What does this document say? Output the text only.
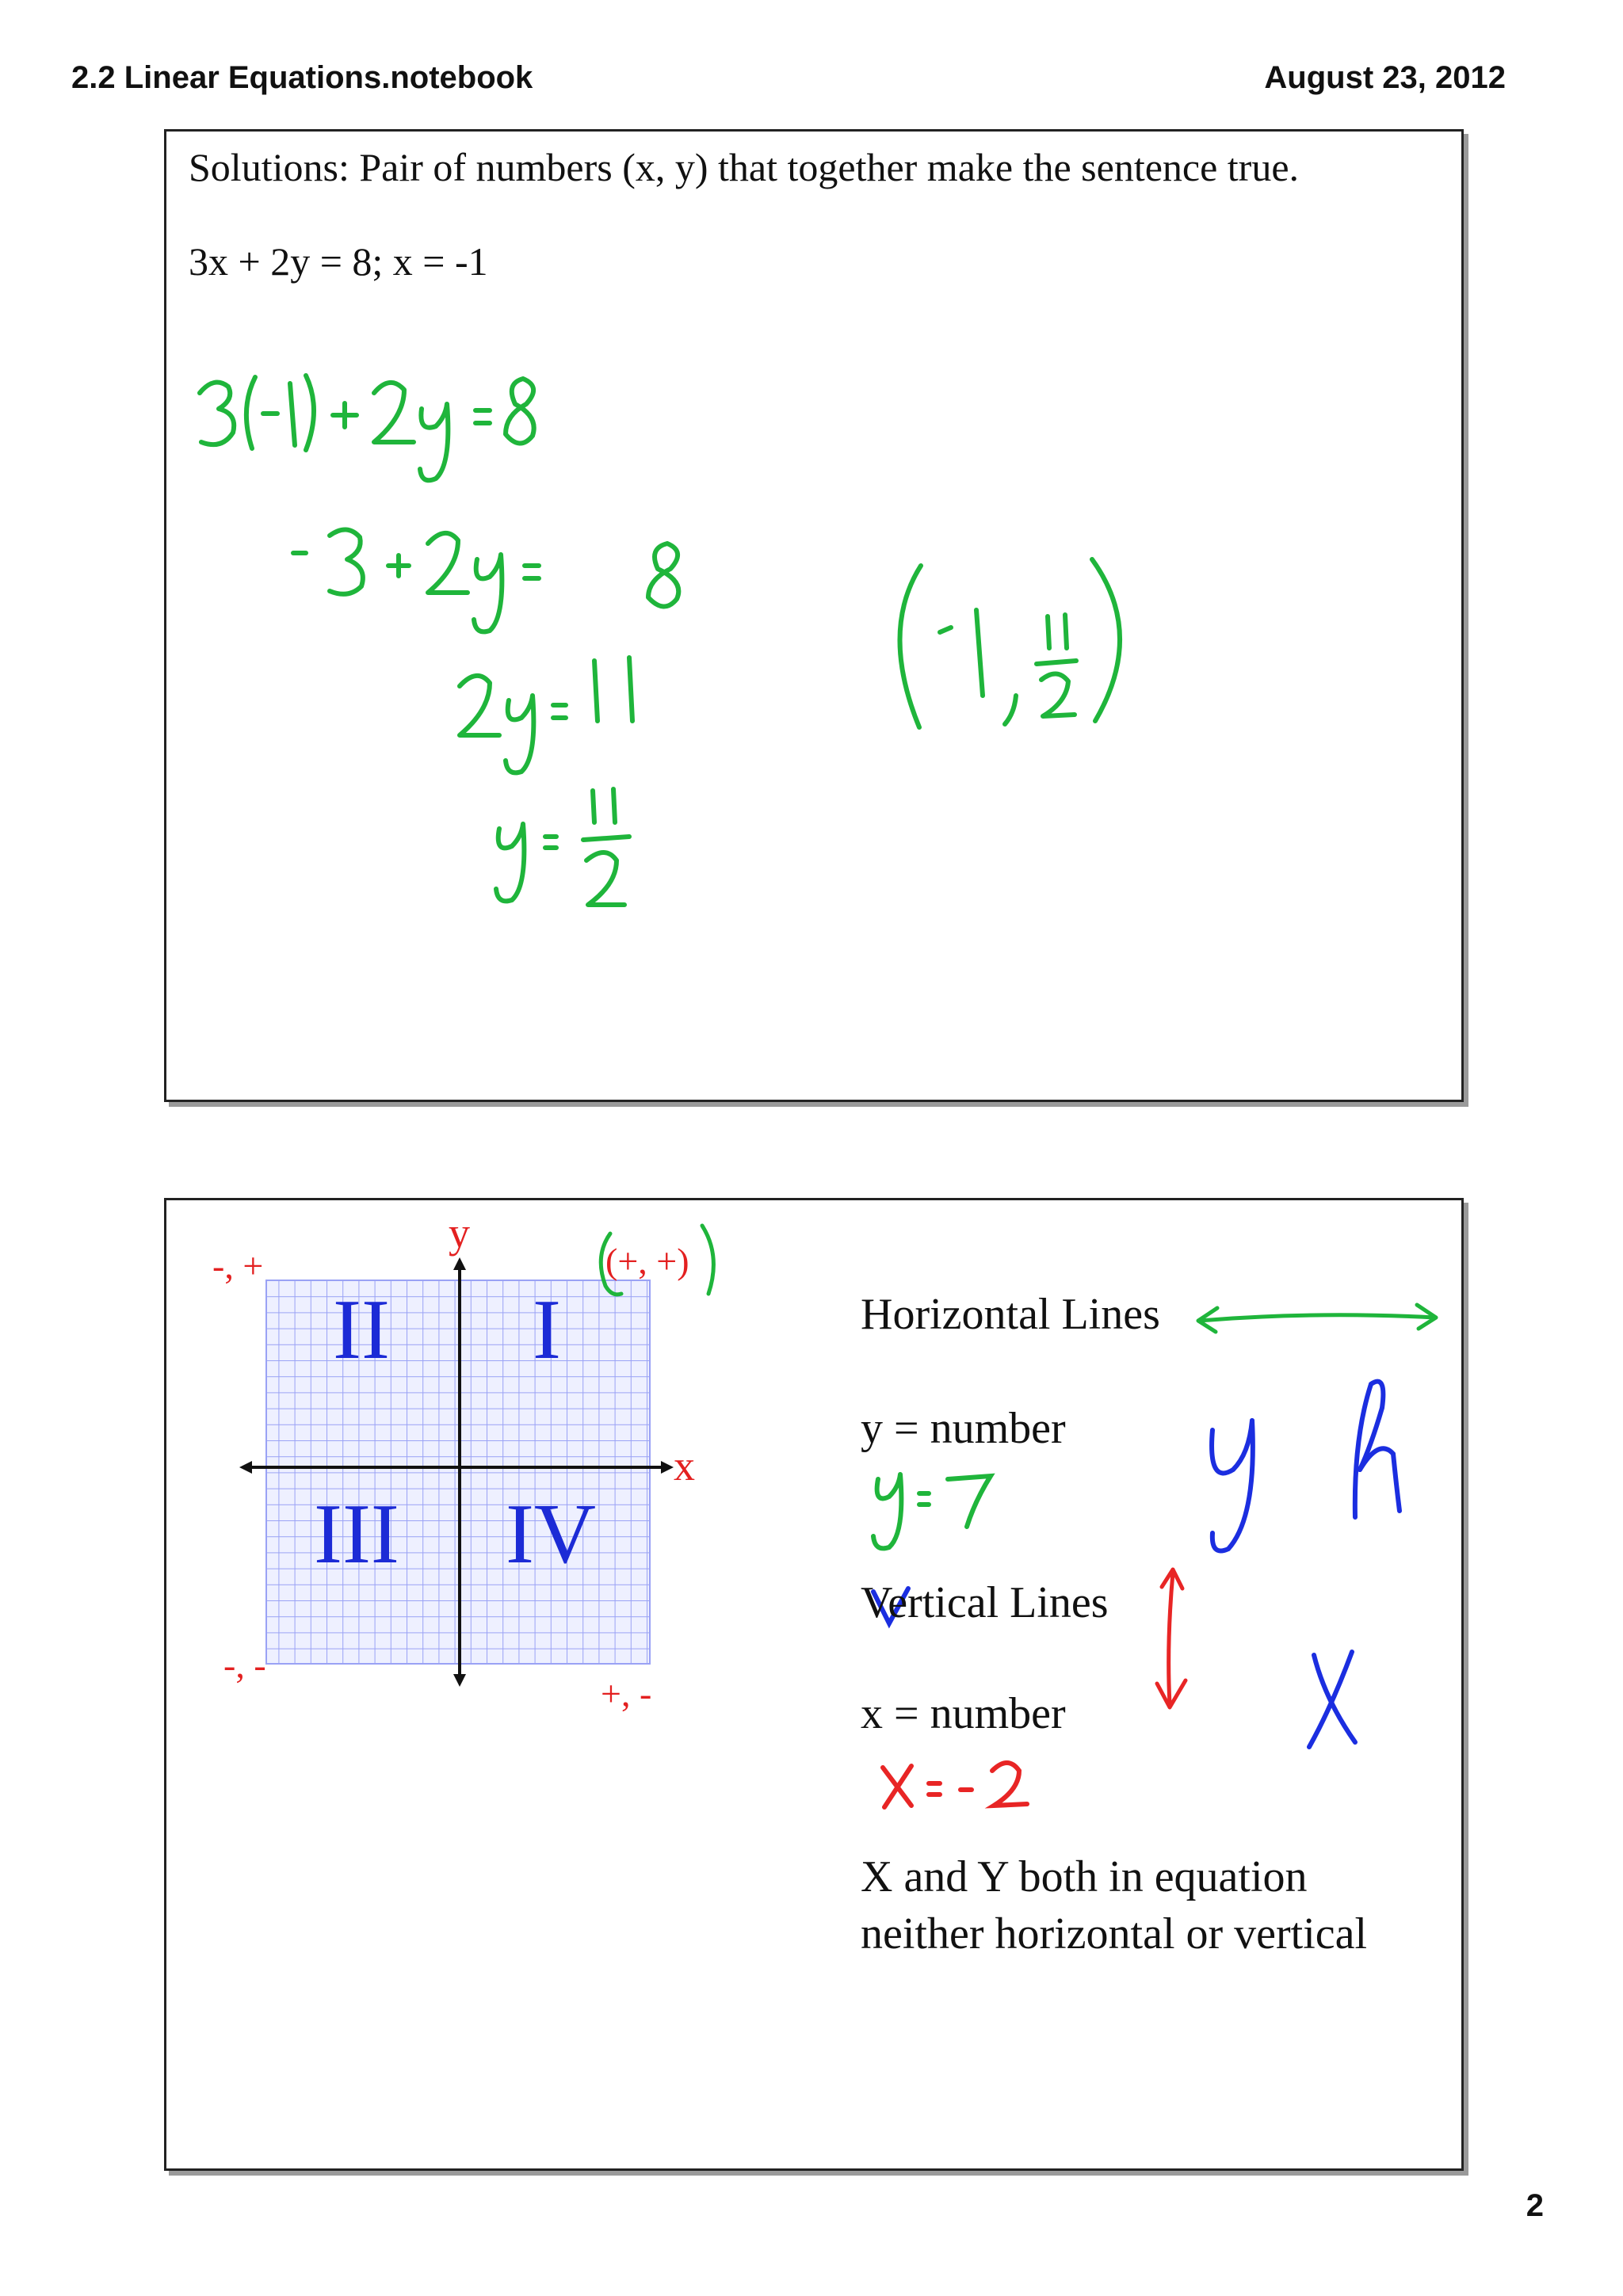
2.2 Linear Equations.notebook	August 23, 2012
Solutions: Pair of numbers (x, y) that together make the sentence true.
3x + 2y = 8; x = -1
II I
III IV
y
x
-, +	(+, +)
-, -
+, -
Horizontal Lines
y = number
Vertical Lines
x = number
X and Y both in equation
neither horizontal or vertical
2
